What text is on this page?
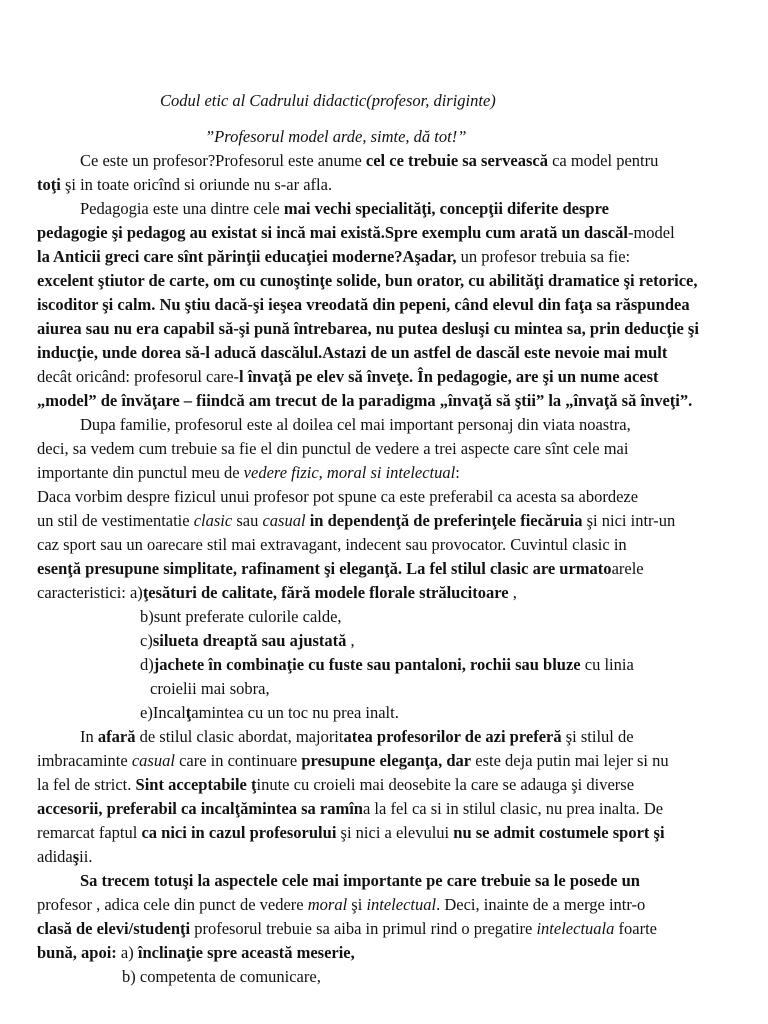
Codul etic al Cadrului didactic(profesor, diriginte)
”Profesorul model arde, simte, dă tot!”
Ce este un profesor?Profesorul este anume cel ce trebuie sa servească ca model pentru
toţi şi in toate oricînd si oriunde nu s-ar afla.
Pedagogia este una dintre cele mai vechi specialităţi, concepţii diferite despre
pedagogie şi pedagog au existat si incă mai există.Spre exemplu cum arată un dascăl-model
la Anticii greci care sînt părinţii educaţiei moderne?Aşadar, un profesor trebuia sa fie:
excelent ştiutor de carte, om cu cunoştinţe solide, bun orator, cu abilităţi dramatice şi retorice,
iscoditor şi calm. Nu ştiu dacă-şi ieşea vreodată din pepeni, când elevul din faţa sa răspundea
aiurea sau nu era capabil să-şi pună întrebarea, nu putea desluşi cu mintea sa, prin deducţie şi
inducţie, unde dorea să-l aducă dascălul.Astazi de un astfel de dascăl este nevoie mai mult
decât oricând: profesorul care-l învaţă pe elev să înveţe. În pedagogie, are şi un nume acest
„model” de învăţare – fiindcă am trecut de la paradigma „învaţă să ştii” la „învaţă să înveţi”.
Dupa familie, profesorul este al doilea cel mai important personaj din viata noastra,
deci, sa vedem cum trebuie sa fie el din punctul de vedere a trei aspecte care sînt cele mai
importante din punctul meu de vedere fizic, moral si intelectual:
Daca vorbim despre fizicul unui profesor pot spune ca este preferabil ca acesta sa abordeze
un stil de vestimentatie clasic sau casual in dependenţă de preferinţele fiecăruia şi nici intr-un
caz sport sau un oarecare stil mai extravagant, indecent sau provocator. Cuvintul clasic in
esenţă presupune simplitate, rafinament şi eleganţă. La fel stilul clasic are urmatoarele
caracteristici: a)ţesături de calitate, fără modele florale strălucitoare ,
b)sunt preferate culorile calde,
c)silueta dreaptă sau ajustată ,
d)jachete în combinaţie cu fuste sau pantaloni, rochii sau bluze cu linia
croielii mai sobra,
e)Incalţamintea cu un toc nu prea inalt.
In afară de stilul clasic abordat, majoritatea profesorilor de azi preferă şi stilul de
imbracaminte casual care in continuare presupune eleganţa, dar este deja putin mai lejer si nu
la fel de strict. Sint acceptabile ţinute cu croieli mai deosebite la care se adauga şi diverse
accesorii, preferabil ca incalţămintea sa ramîna la fel ca si in stilul clasic, nu prea inalta. De
remarcat faptul ca nici in cazul profesorului şi nici a elevului nu se admit costumele sport şi
adidaşii.
Sa trecem totuşi la aspectele cele mai importante pe care trebuie sa le posede un
profesor , adica cele din punct de vedere moral şi intelectual. Deci, inainte de a merge intr-o
clasă de elevi/studenţi profesorul trebuie sa aiba in primul rind o pregatire intelectuala foarte
bună, apoi: a) înclinaţie spre această meserie,
b) competenta de comunicare,
